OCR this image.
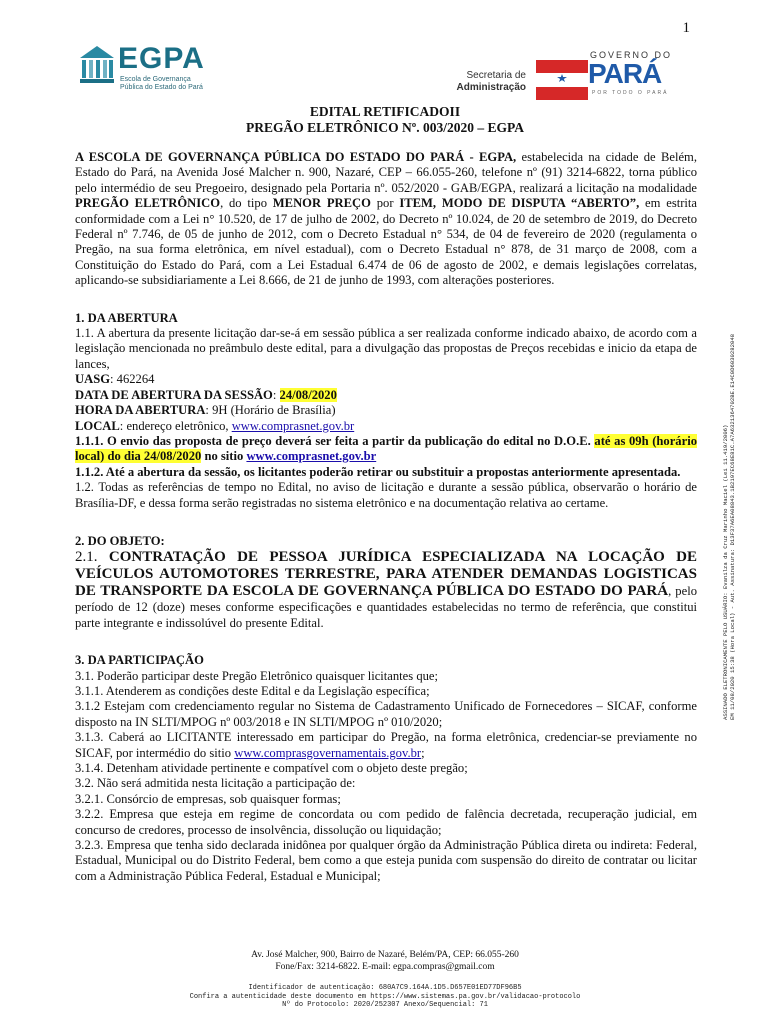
1
EGPA
Escola de Governança Pública do Estado do Pará
Secretaria de
Administração
GOVERNO DO
PARÁ
POR TODO O PARÁ
EDITAL RETIFICADOII
PREGÃO ELETRÔNICO Nº. 003/2020 – EGPA

A ESCOLA DE GOVERNANÇA PÚBLICA DO ESTADO DO PARÁ - EGPA, estabelecida na cidade de Belém, Estado do Pará, na Avenida José Malcher n. 900, Nazaré, CEP – 66.055-260, telefone nº (91) 3214-6822, torna público pelo intermédio de seu Pregoeiro, designado pela Portaria nº. 052/2020 - GAB/EGPA, realizará a licitação na modalidade PREGÃO ELETRÔNICO, do tipo MENOR PREÇO por ITEM, MODO DE DISPUTA “ABERTO”, em estrita conformidade com a Lei n° 10.520, de 17 de julho de 2002, do Decreto nº 10.024, de 20 de setembro de 2019, do Decreto Federal nº 7.746, de 05 de junho de 2012, com o Decreto Estadual n° 534, de 04 de fevereiro de 2020 (regulamenta o Pregão, na sua forma eletrônica, em nível estadual), com o Decreto Estadual n° 878, de 31 março de 2008, com a Constituição do Estado do Pará, com a Lei Estadual 6.474 de 06 de agosto de 2002, e demais legislações correlatas, aplicando-se subsidiariamente a Lei 8.666, de 21 de junho de 1993, com alterações posteriores.

1. DA ABERTURA

1.1. A abertura da presente licitação dar-se-á em sessão pública a ser realizada conforme indicado abaixo, de acordo com a legislação mencionada no preâmbulo deste edital, para a divulgação das propostas de Preços recebidas e inicio da etapa de lances,

UASG: 462264

DATA DE ABERTURA DA SESSÃO: 24/08/2020

HORA DA ABERTURA: 9H (Horário de Brasília)

LOCAL: endereço eletrônico, www.comprasnet.gov.br

1.1.1. O envio das proposta de preço deverá ser feita a partir da publicação do edital no D.O.E. até as 09h (horário local) do dia 24/08/2020 no sitio www.comprasnet.gov.br

1.1.2. Até a abertura da sessão, os licitantes poderão retirar ou substituir a propostas anteriormente apresentada.

1.2. Todas as referências de tempo no Edital, no aviso de licitação e durante a sessão pública, observarão o horário de Brasília-DF, e dessa forma serão registradas no sistema eletrônico e na documentação relativa ao certame.

2. DO OBJETO:

2.1. CONTRATAÇÃO DE PESSOA JURÍDICA ESPECIALIZADA NA LOCAÇÃO DE VEÍCULOS AUTOMOTORES TERRESTRE, PARA ATENDER DEMANDAS LOGISTICAS DE TRANSPORTE DA ESCOLA DE GOVERNANÇA PÚBLICA DO ESTADO DO PARÁ, pelo período de 12 (doze) meses conforme especificações e quantidades estabelecidas no termo de referência, que constitui parte integrante e indissolúvel do presente Edital.

3. DA PARTICIPAÇÃO

3.1. Poderão participar deste Pregão Eletrônico quaisquer licitantes que;

3.1.1. Atenderem as condições deste Edital e da Legislação específica;

3.1.2 Estejam com credenciamento regular no Sistema de Cadastramento Unificado de Fornecedores – SICAF, conforme disposto na IN SLTI/MPOG nº 003/2018 e IN SLTI/MPOG nº 010/2020;

3.1.3. Caberá ao LICITANTE interessado em participar do Pregão, na forma eletrônica, credenciar-se previamente no SICAF, por intermédio do sitio www.comprasgovernamentais.gov.br;

3.1.4. Detenham atividade pertinente e compatível com o objeto deste pregão;

3.2. Não será admitida nesta licitação a participação de:

3.2.1. Consórcio de empresas, sob quaisquer formas;

3.2.2. Empresa que esteja em regime de concordata ou com pedido de falência decretada, recuperação judicial, em concurso de credores, processo de insolvência, dissolução ou liquidação;

3.2.3. Empresa que tenha sido declarada inidônea por qualquer órgão da Administração Pública direta ou indireta: Federal, Estadual, Municipal ou do Distrito Federal, bem como a que esteja punida com suspensão do direito de contratar ou licitar com a Administração Pública Federal, Estadual e Municipal;

ASSINADO ELETRONICAMENTE PELO USUÁRIO: Evanilza da Cruz Marinho Maciel (Lei 11.419/2006) EM 11/08/2020 15:38 (Hora Local) - Aut. Assinatura: D13F37A6EA08843.1B2197EC68E81C.A7A6321364702BE.E14C0D6030282048
Av. José Malcher, 900, Bairro de Nazaré, Belém/PA, CEP: 66.055-260
Fone/Fax: 3214-6822. E-mail: egpa.compras@gmail.com
Identificador de autenticação: 680A7C9.164A.1D5.D657E01ED77DF96B5
Confira a autenticidade deste documento em https://www.sistemas.pa.gov.br/validacao-protocolo
Nº do Protocolo: 2020/252307 Anexo/Sequencial: 71
